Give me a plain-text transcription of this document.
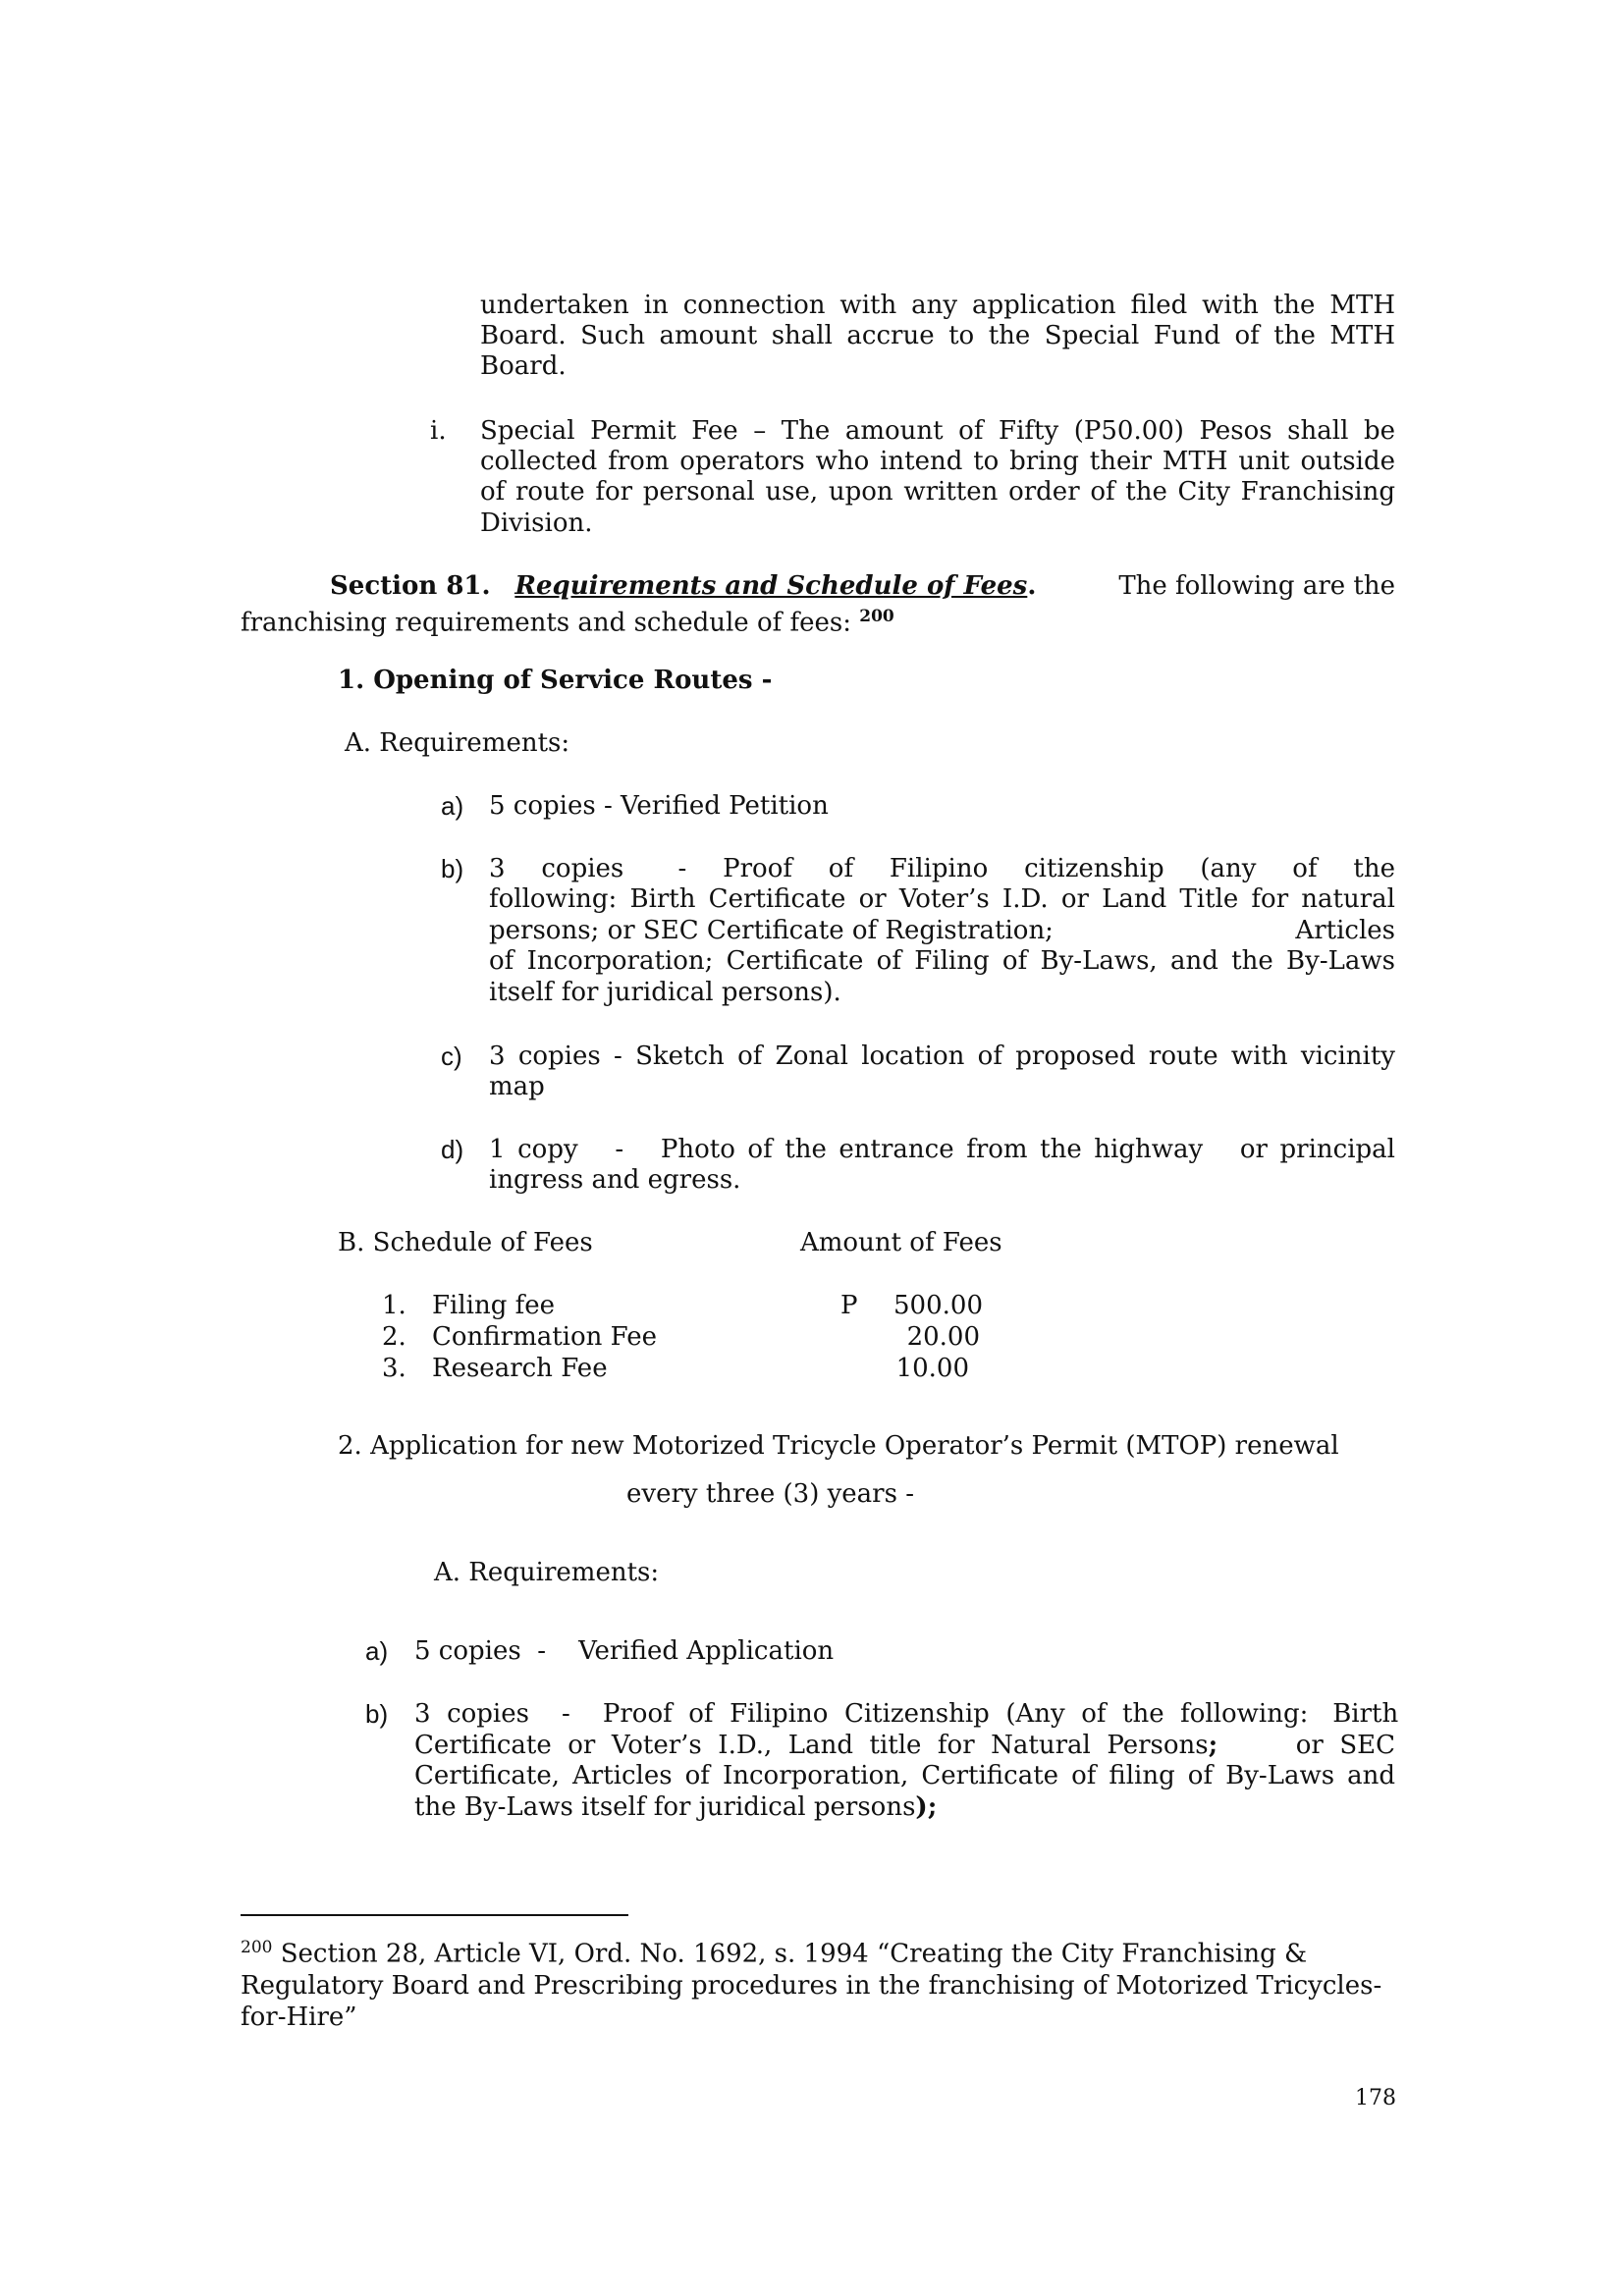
undertaken in connection with any application filed with the MTH
Board. Such amount shall accrue to the Special Fund of the MTH
Board.
i. Special Permit Fee – The amount of Fifty (P50.00) Pesos shall be
collected from operators who intend to bring their MTH unit outside
of route for personal use, upon written order of the City Franchising
Division.
Section 81. Requirements and Schedule of Fees.	The following are the
franchising requirements and schedule of fees: $^{200}$
1. Opening of Service Routes -
A. Requirements:
a) 5 copies - Verified Petition
b) 3    copies      -    Proof    of    Filipino    citizenship    (any    of    the
following: Birth Certificate or Voter’s I.D. or Land Title for natural
persons; or SEC Certificate of Registration;	Articles
of Incorporation; Certificate of Filing of By-Laws, and the By-Laws
itself for juridical persons).
c) 3 copies - Sketch of Zonal location of proposed route with vicinity
map
d) 1 copy   -   Photo of the entrance from the highway   or principal
ingress and egress.
B. Schedule of Fees	Amount of Fees
1. Filing fee	P	500.00
2. Confirmation Fee	20.00
3. Research Fee	10.00
2. Application for new Motorized Tricycle Operator’s Permit (MTOP) renewal
every three (3) years -
A. Requirements:
a) 5 copies  -    Verified Application
b) 3  copies    -    Proof  of  Filipino  Citizenship  (Any  of  the  following:   Birth
Certificate  or  Voter’s  I.D.,  Land  title  for  Natural  Persons; or  SEC
Certificate, Articles of Incorporation, Certificate of filing of By-Laws and
the By-Laws itself for juridical persons);
$^{200}$ Section 28, Article VI, Ord. No. 1692, s. 1994 “Creating the City Franchising &
Regulatory Board and Prescribing procedures in the franchising of Motorized Tricycles-
for-Hire”
178
